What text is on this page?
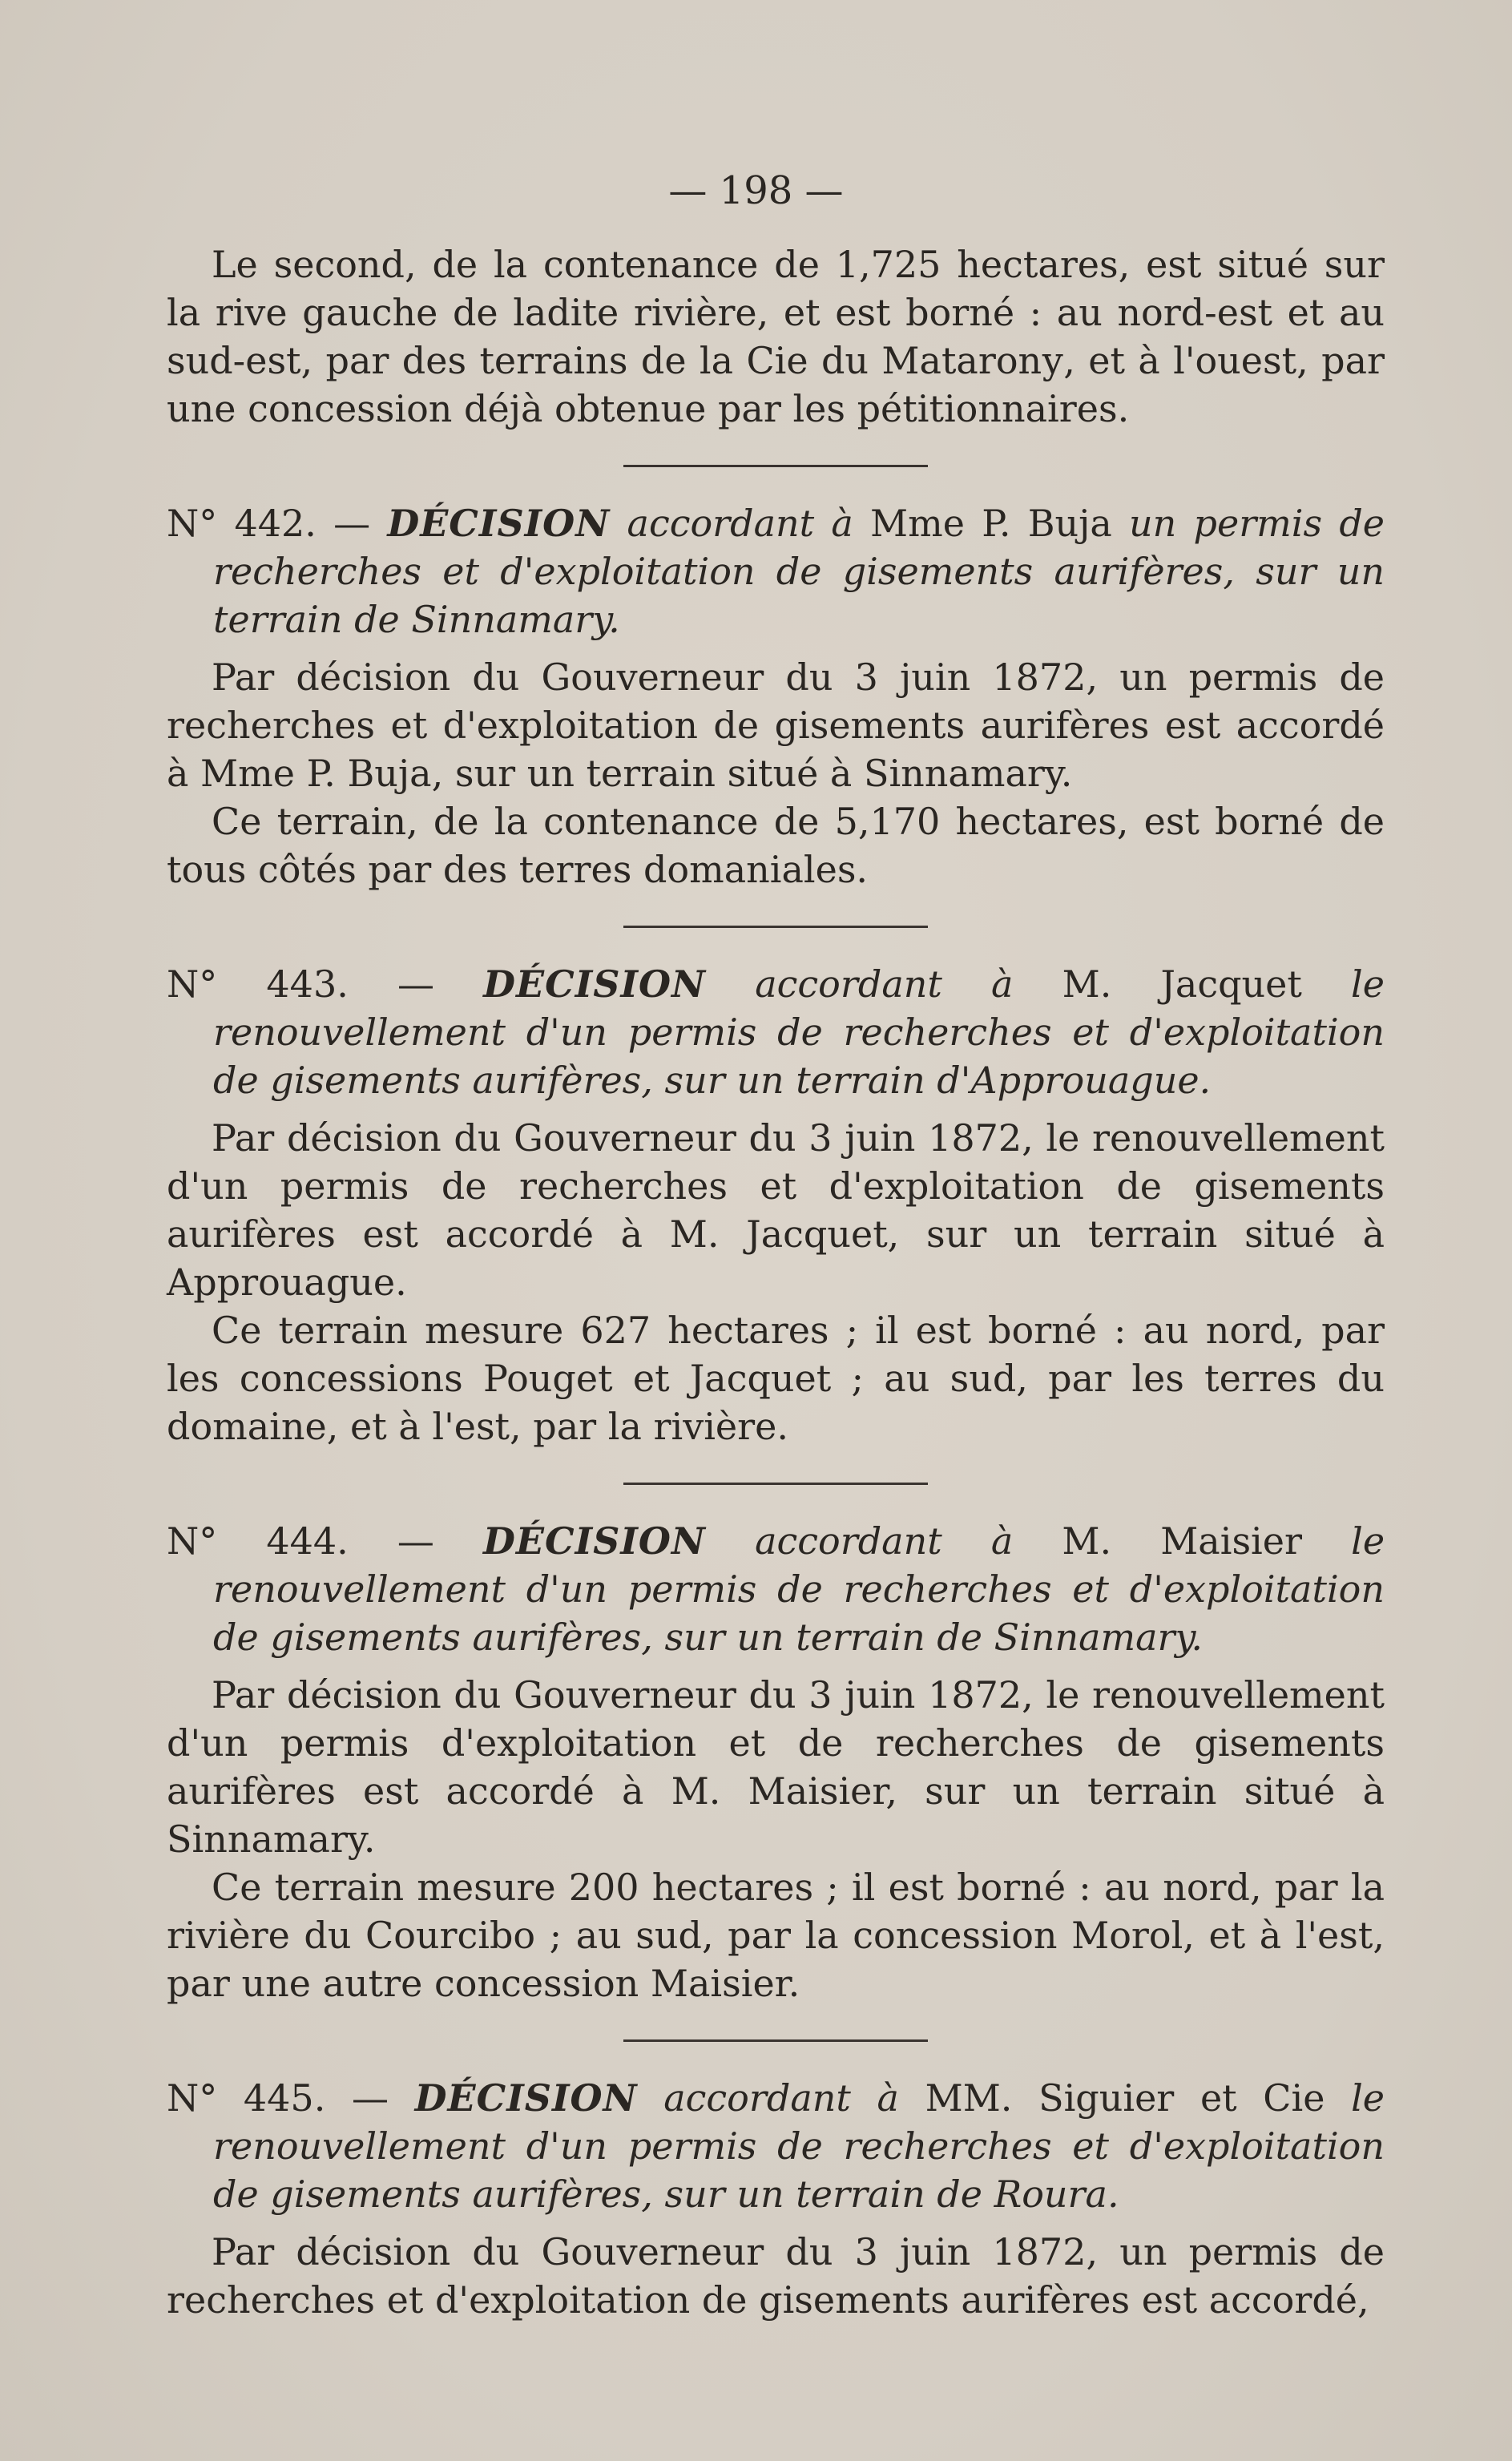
— 198 —

Le second, de la contenance de 1,725 hectares, est situé sur la rive gauche de ladite rivière, et est borné : au nord-est et au sud-est, par des terrains de la Cie du Mataronу, et à l'ouest, par une concession déjà obtenue par les pétitionnaires.

N° 442. — DÉCISION accordant à Mme P. Buja un permis de recherches et d'exploitation de gisements aurifères, sur un terrain de Sinnamary.

Par décision du Gouverneur du 3 juin 1872, un permis de recherches et d'exploitation de gisements aurifères est accordé à Mme P. Buja, sur un terrain situé à Sinnamary.

Ce terrain, de la contenance de 5,170 hectares, est borné de tous côtés par des terres domaniales.

N° 443. — DÉCISION accordant à M. Jacquet le renouvellement d'un permis de recherches et d'exploitation de gisements aurifères, sur un terrain d'Approuague.

Par décision du Gouverneur du 3 juin 1872, le renouvellement d'un permis de recherches et d'exploitation de gisements aurifères est accordé à M. Jacquet, sur un terrain situé à Approuague.

Ce terrain mesure 627 hectares ; il est borné : au nord, par les concessions Pouget et Jacquet ; au sud, par les terres du domaine, et à l'est, par la rivière.

N° 444. — DÉCISION accordant à M. Maisier le renouvellement d'un permis de recherches et d'exploitation de gisements aurifères, sur un terrain de Sinnamary.

Par décision du Gouverneur du 3 juin 1872, le renouvellement d'un permis d'exploitation et de recherches de gisements aurifères est accordé à M. Maisier, sur un terrain situé à Sinnamary.

Ce terrain mesure 200 hectares ; il est borné : au nord, par la rivière du Courcibo ; au sud, par la concession Morol, et à l'est, par une autre concession Maisier.

N° 445. — DÉCISION accordant à MM. Siguier et Cie le renouvellement d'un permis de recherches et d'exploitation de gisements aurifères, sur un terrain de Roura.

Par décision du Gouverneur du 3 juin 1872, un permis de recherches et d'exploitation de gisements aurifères est accordé,
